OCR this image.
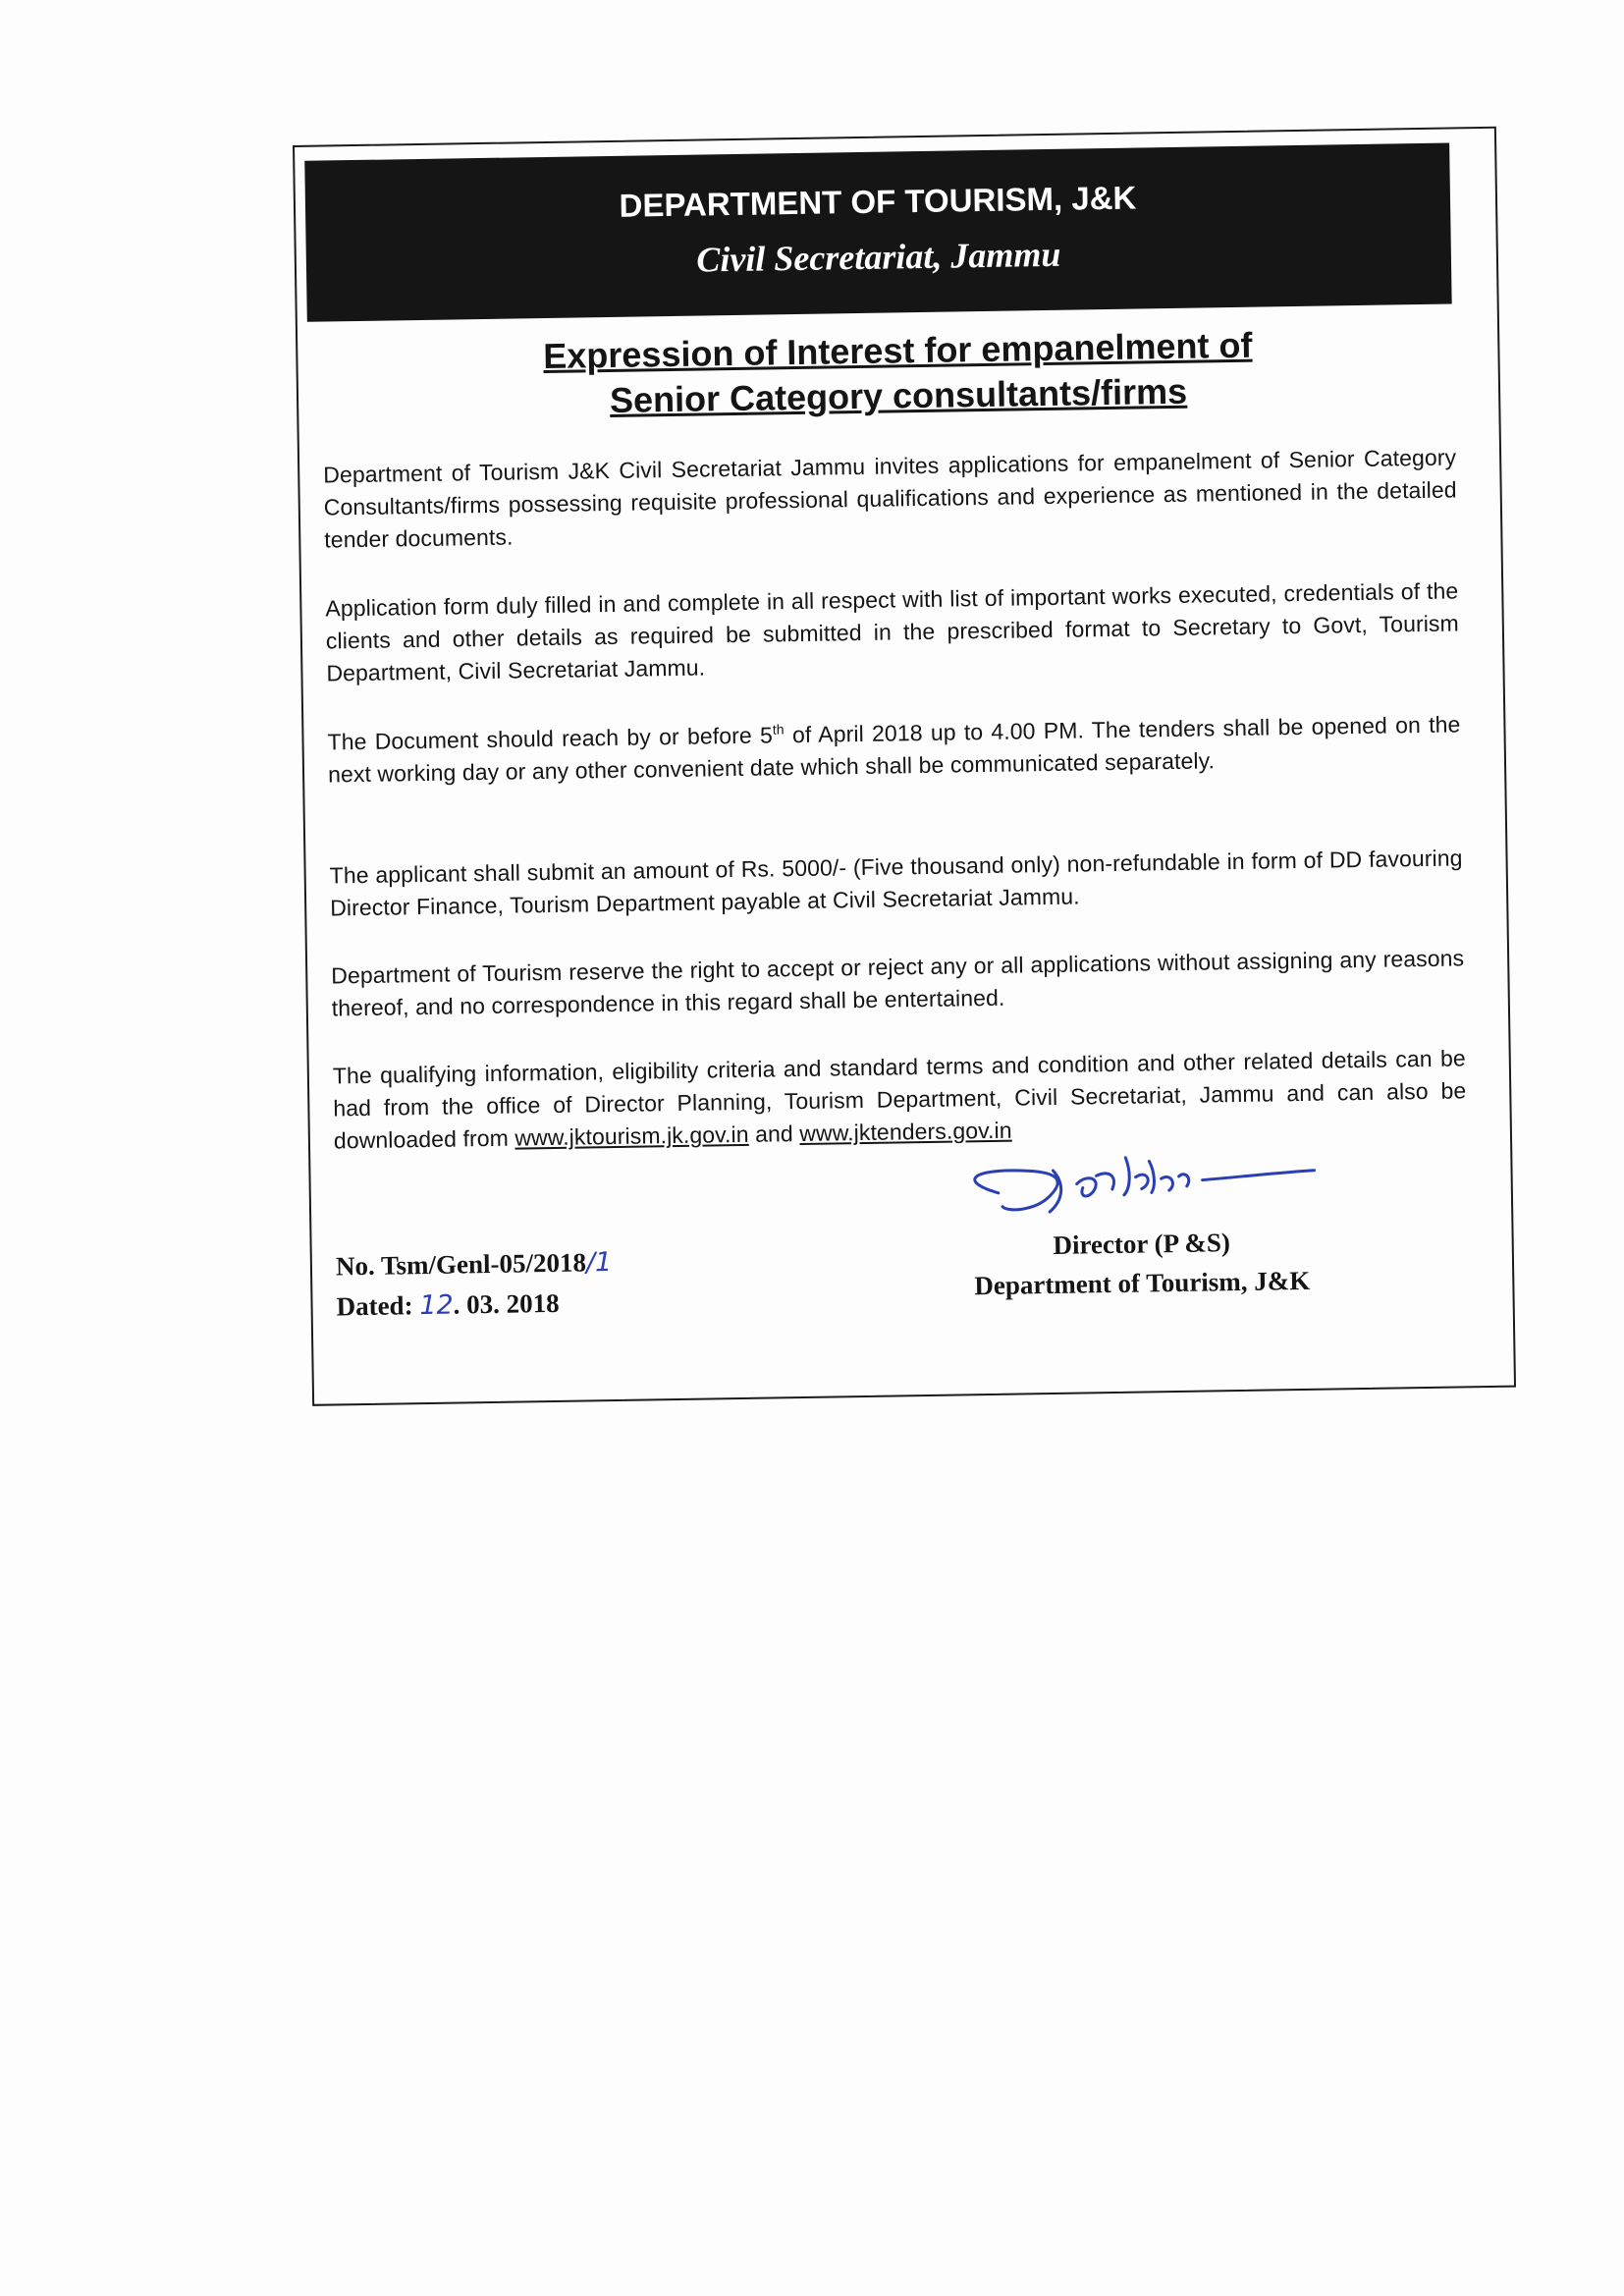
DEPARTMENT OF TOURISM, J&K
Civil Secretariat, Jammu
Expression of Interest for empanelment of
Senior Category consultants/firms
Department of Tourism J&K Civil Secretariat Jammu invites applications for empanelment of Senior Category Consultants/firms possessing requisite professional qualifications and experience as mentioned in the detailed tender documents.
Application form duly filled in and complete in all respect with list of important works executed, credentials of the clients and other details as required be submitted in the prescribed format to Secretary to Govt, Tourism Department, Civil Secretariat Jammu.
The Document should reach by or before 5th of April 2018 up to 4.00 PM. The tenders shall be opened on the next working day or any other convenient date which shall be communicated separately.
The applicant shall submit an amount of Rs. 5000/- (Five thousand only) non-refundable in form of DD favouring Director Finance, Tourism Department payable at Civil Secretariat Jammu.
Department of Tourism reserve the right to accept or reject any or all applications without assigning any reasons thereof, and no correspondence in this regard shall be entertained.
The qualifying information, eligibility criteria and standard terms and condition and other related details can be had from the office of Director Planning, Tourism Department, Civil Secretariat, Jammu and can also be downloaded from www.jktourism.jk.gov.in and www.jktenders.gov.in
No. Tsm/Genl-05/2018/1
Dated: 12. 03. 2018
Director (P &S)
Department of Tourism, J&K
